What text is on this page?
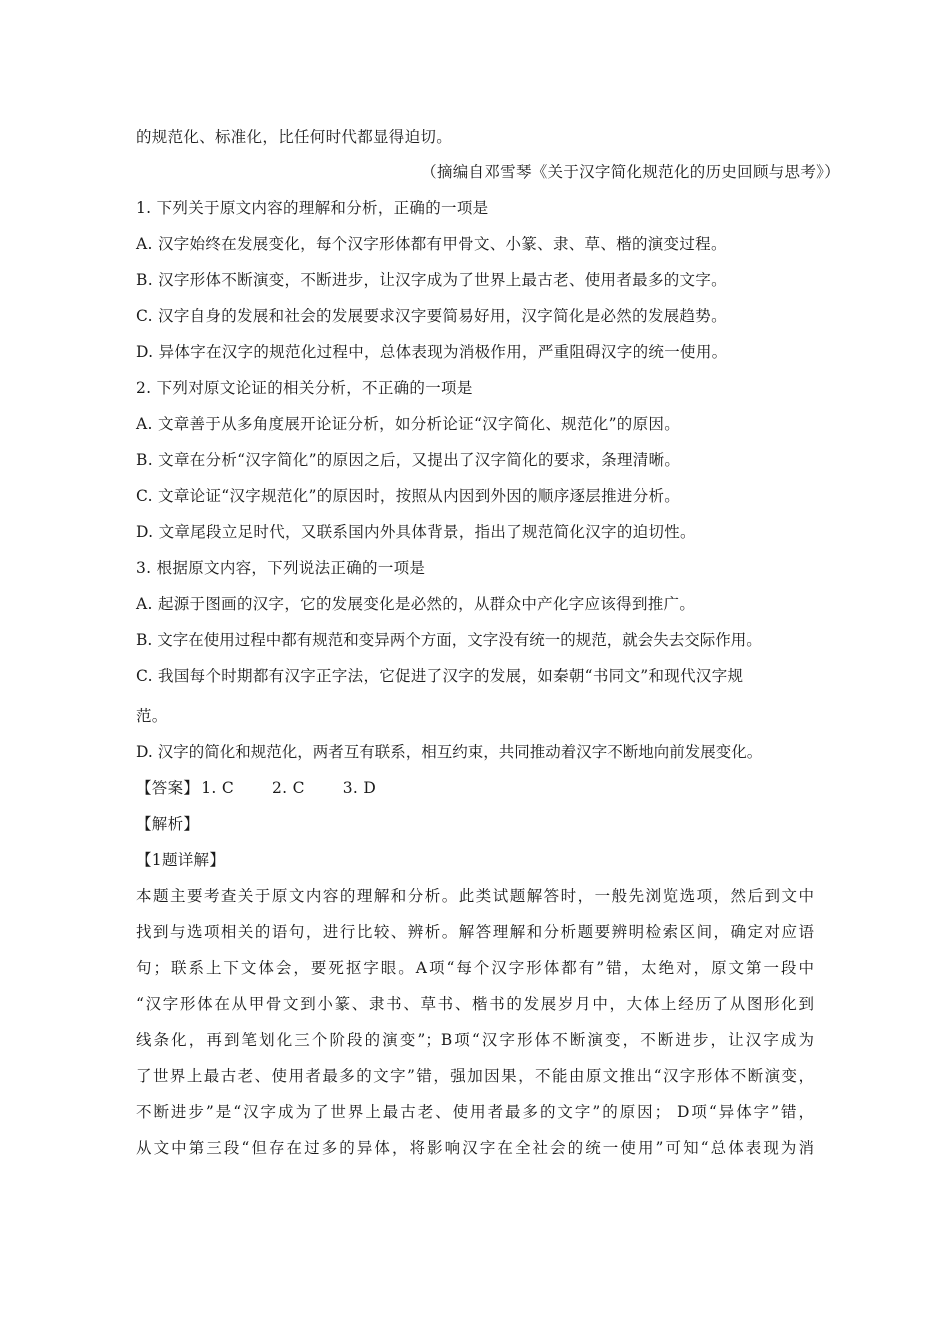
的规范化、标准化，比任何时代都显得迫切。
（摘编自邓雪琴《关于汉字简化规范化的历史回顾与思考》）
1. 下列关于原文内容的理解和分析，正确的一项是
A. 汉字始终在发展变化，每个汉字形体都有甲骨文、小篆、隶、草、楷的演变过程。
B. 汉字形体不断演变，不断进步，让汉字成为了世界上最古老、使用者最多的文字。
C. 汉字自身的发展和社会的发展要求汉字要简易好用，汉字简化是必然的发展趋势。
D. 异体字在汉字的规范化过程中，总体表现为消极作用，严重阻碍汉字的统一使用。
2. 下列对原文论证的相关分析，不正确的一项是
A. 文章善于从多角度展开论证分析，如分析论证“汉字简化、规范化”的原因。
B. 文章在分析“汉字简化”的原因之后，又提出了汉字简化的要求，条理清晰。
C. 文章论证“汉字规范化”的原因时，按照从内因到外因的顺序逐层推进分析。
D. 文章尾段立足时代，又联系国内外具体背景，指出了规范简化汉字的迫切性。
3. 根据原文内容，下列说法正确的一项是
A. 起源于图画的汉字，它的发展变化是必然的，从群众中产化字应该得到推广。
B. 文字在使用过程中都有规范和变异两个方面，文字没有统一的规范，就会失去交际作用。
C. 我国每个时期都有汉字正字法，它促进了汉字的发展，如秦朝“书同文”和现代汉字规
范。
D. 汉字的简化和规范化，两者互有联系，相互约束，共同推动着汉字不断地向前发展变化。
【答案】 1. C 2. C 3. D
【解析】
【1题详解】
本题主要考查关于原文内容的理解和分析。此类试题解答时，一般先浏览选项，然后到文中
找到与选项相关的语句，进行比较、辨析。解答理解和分析题要辨明检索区间，确定对应语
句；联系上下文体会，要死抠字眼。A项“每个汉字形体都有”错，太绝对，原文第一段中
“汉字形体在从甲骨文到小篆、隶书、草书、楷书的发展岁月中，大体上经历了从图形化到
线条化，再到笔划化三个阶段的演变”；B项“汉字形体不断演变，不断进步，让汉字成为
了世界上最古老、使用者最多的文字”错，强加因果，不能由原文推出“汉字形体不断演变，
不断进步”是“汉字成为了世界上最古老、使用者最多的文字”的原因； D项“异体字”错，
从文中第三段“但存在过多的异体，将影响汉字在全社会的统一使用”可知“总体表现为消
